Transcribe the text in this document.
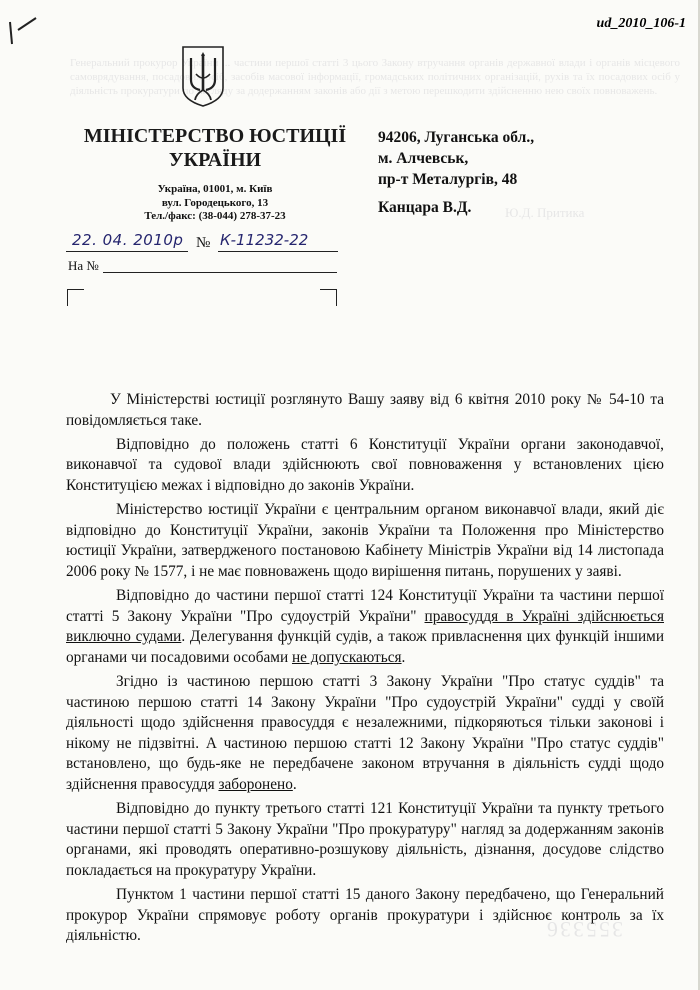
ud_2010_106-1
Генеральний прокурор України ... частини першої статті 3 цього Закону втручання органів державної влади і органів місцевого самоврядування, посадових осіб, засобів масової інформації, громадських політичних організацій, рухів та їх посадових осіб у діяльність прокуратури по нагляду за додержанням законів або дії з метою перешкодити здійсненню нею своїх повноважень.
Ю.Д. Притика
355336
МІНІСТЕРСТВО ЮСТИЦІЇ
УКРАЇНИ
Україна, 01001, м. Київ
вул. Городецького, 13
Тел./факс: (38-044) 278-37-23
94206, Луганська обл.,
м. Алчевськ,
пр-т Металургів, 48
Канцара В.Д.
22. 04. 2010р № К-11232-22
На №

У Міністерстві юстиції розглянуто Вашу заяву від 6 квітня 2010 року № 54-10 та повідомляється таке.

Відповідно до положень статті 6 Конституції України органи законодавчої, виконавчої та судової влади здійснюють свої повноваження у встановлених цією Конституцією межах і відповідно до законів України.

Міністерство юстиції України є центральним органом виконавчої влади, який діє відповідно до Конституції України, законів України та Положення про Міністерство юстиції України, затвердженого постановою Кабінету Міністрів України від 14 листопада 2006 року № 1577, і не має повноважень щодо вирішення питань, порушених у заяві.

Відповідно до частини першої статті 124 Конституції України та частини першої статті 5 Закону України "Про судоустрій України" правосуддя в Україні здійснюється виключно судами. Делегування функцій судів, а також привласнення цих функцій іншими органами чи посадовими особами не допускаються.

Згідно із частиною першою статті 3 Закону України "Про статус суддів" та частиною першою статті 14 Закону України "Про судоустрій України" судді у своїй діяльності щодо здійснення правосуддя є незалежними, підкоряються тільки законові і нікому не підзвітні. А частиною першою статті 12 Закону України "Про статус суддів" встановлено, що будь-яке не передбачене законом втручання в діяльність судді щодо здійснення правосуддя заборонено.

Відповідно до пункту третього статті 121 Конституції України та пункту третього частини першої статті 5 Закону України "Про прокуратуру" нагляд за додержанням законів органами, які проводять оперативно-розшукову діяльність, дізнання, досудове слідство покладається на прокуратуру України.

Пунктом 1 частини першої статті 15 даного Закону передбачено, що Генеральний прокурор України спрямовує роботу органів прокуратури і здійснює контроль за їх діяльністю.
